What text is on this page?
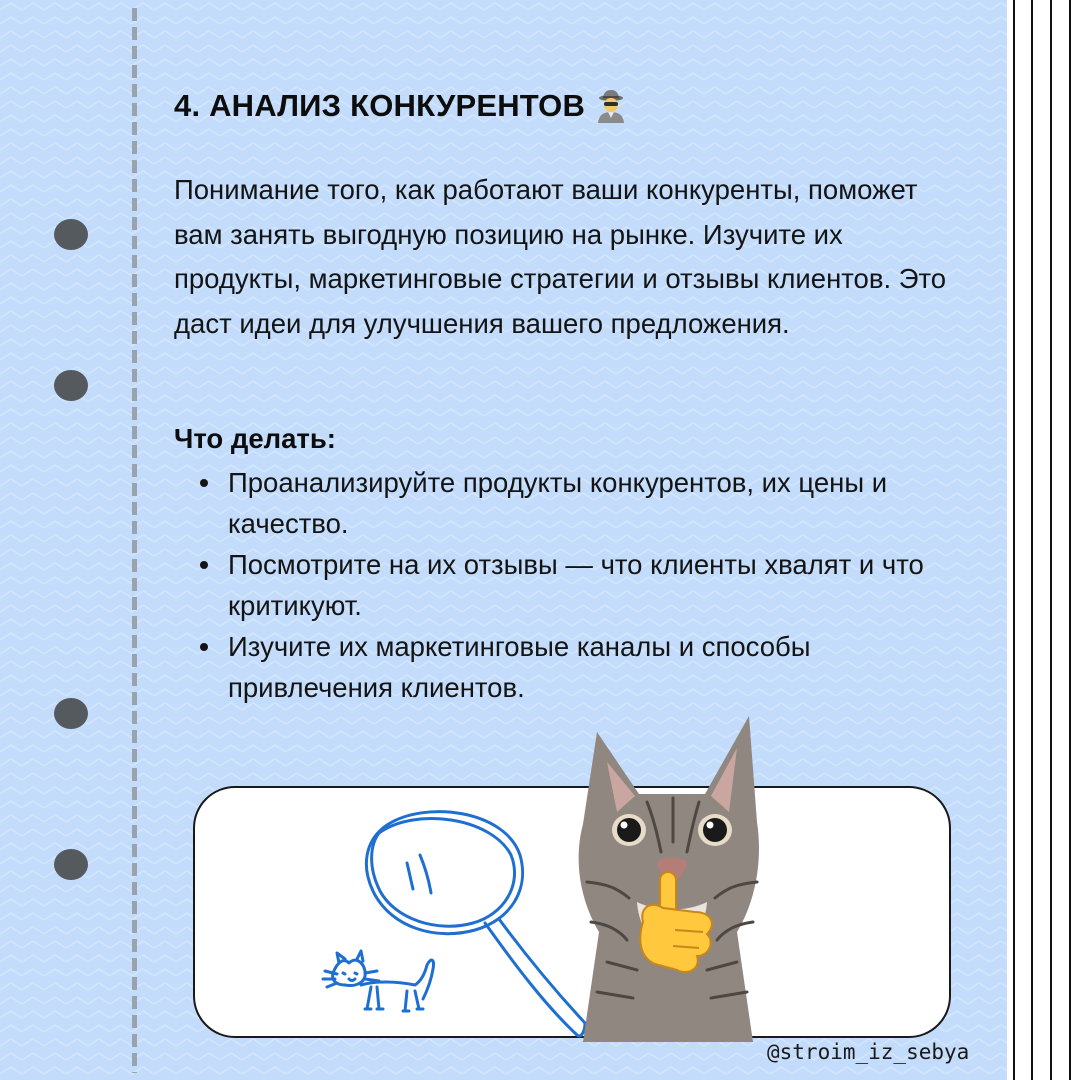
4. АНАЛИЗ КОНКУРЕНТОВ

Понимание того, как работают ваши конкуренты, поможет вам занять выгодную позицию на рынке. Изучите их продукты, маркетинговые стратегии и отзывы клиентов. Это даст идеи для улучшения вашего предложения.

Что делать:
Проанализируйте продукты конкурентов, их цены и качество.
Посмотрите на их отзывы — что клиенты хвалят и что критикуют.
Изучите их маркетинговые каналы и способы привлечения клиентов.

@stroim_iz_sebya
